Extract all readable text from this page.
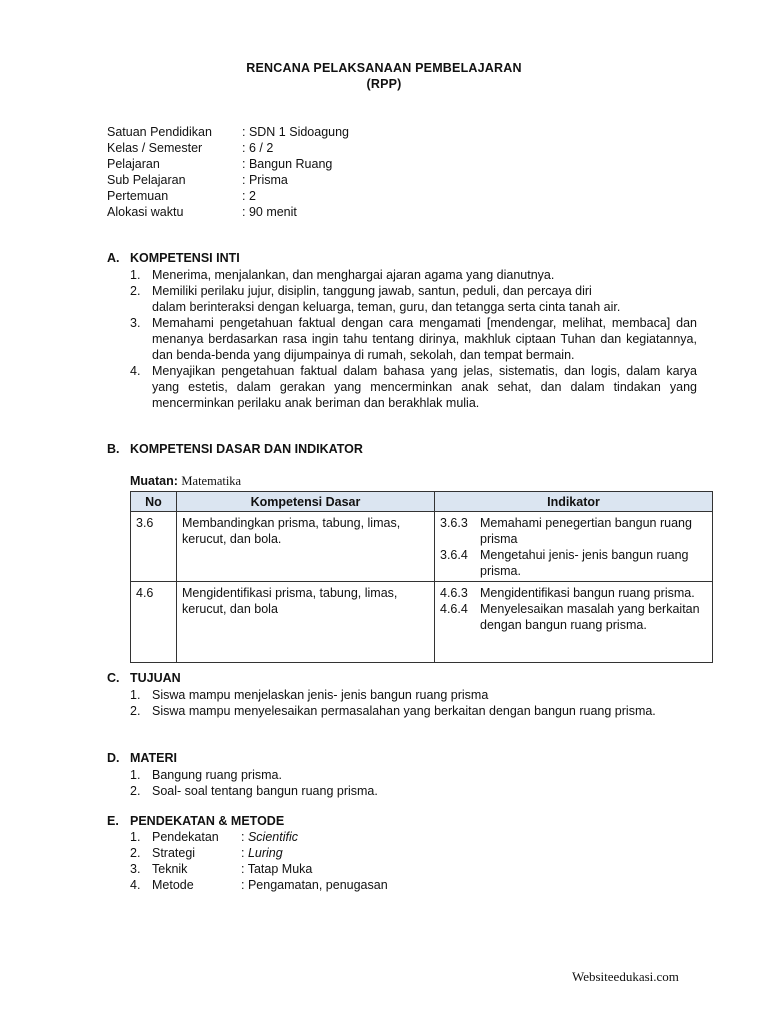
RENCANA PELAKSANAAN PEMBELAJARAN
(RPP)
Satuan Pendidikan : SDN 1 Sidoagung
Kelas / Semester	: 6 / 2
Pelajaran	: Bangun Ruang
Sub Pelajaran	: Prisma
Pertemuan	: 2
Alokasi waktu	: 90 menit
A. KOMPETENSI INTI
1. Menerima, menjalankan, dan menghargai ajaran agama yang dianutnya.
2. Memiliki perilaku jujur, disiplin, tanggung jawab, santun, peduli, dan percaya diri
dalam berinteraksi dengan keluarga, teman, guru, dan tetangga serta cinta tanah air.
3. Memahami pengetahuan faktual dengan cara mengamati [mendengar, melihat, membaca] dan menanya berdasarkan rasa ingin tahu tentang dirinya, makhluk ciptaan Tuhan dan kegiatannya, dan benda-benda yang dijumpainya di rumah, sekolah, dan tempat bermain.
4. Menyajikan pengetahuan faktual dalam bahasa yang jelas, sistematis, dan logis, dalam karya yang estetis, dalam gerakan yang mencerminkan anak sehat, dan dalam tindakan yang mencerminkan perilaku anak beriman dan berakhlak mulia.
B. KOMPETENSI DASAR DAN INDIKATOR
Muatan: Matematika
No	Kompetensi Dasar	Indikator
3.6	Membandingkan prisma, tabung, limas, kerucut, dan bola.	3.6.3 Memahami penegertian bangun ruang prisma
3.6.4 Mengetahui jenis- jenis bangun ruang prisma.

4.6	Mengidentifikasi prisma, tabung, limas, kerucut, dan bola	4.6.3 Mengidentifikasi bangun ruang prisma.
4.6.4 Menyelesaikan masalah yang berkaitan dengan bangun ruang prisma.
C. TUJUAN
1. Siswa mampu menjelaskan jenis- jenis bangun ruang prisma
2. Siswa mampu menyelesaikan permasalahan yang berkaitan dengan bangun ruang prisma.
D. MATERI
1. Bangung ruang prisma.
2. Soal- soal tentang bangun ruang prisma.
E. PENDEKATAN & METODE
1. Pendekatan : Scientific
2. Strategi	: Luring
3. Teknik	: Tatap Muka
4. Metode	: Pengamatan, penugasan
Websiteedukasi.com
